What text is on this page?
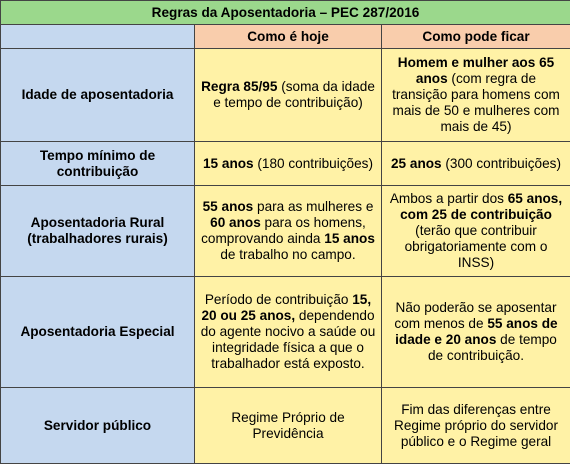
Regras da Aposentadoria – PEC 287/2016		
	Como é hoje	Como pode ficar
Idade de aposentadoria	Regra 85/95 (soma da idade e tempo de contribuição)	Homem e mulher aos 65 anos (com regra de transição para homens com mais de 50 e mulheres com mais de 45)
Tempo mínimo de contribuição	15 anos (180 contribuições)	25 anos (300 contribuições)
Aposentadoria Rural (trabalhadores rurais)	55 anos para as mulheres e 60 anos para os homens, comprovando ainda 15 anos de trabalho no campo.	Ambos a partir dos 65 anos, com 25 de contribuição (terão que contribuir obrigatoriamente com o INSS)
Aposentadoria Especial	Período de contribuição 15, 20 ou 25 anos, dependendo do agente nocivo a saúde ou integridade física a que o trabalhador está exposto.	Não poderão se aposentar com menos de 55 anos de idade e 20 anos de tempo de contribuição.
Servidor público	Regime Próprio de Previdência	Fim das diferenças entre Regime próprio do servidor público e o Regime geral
